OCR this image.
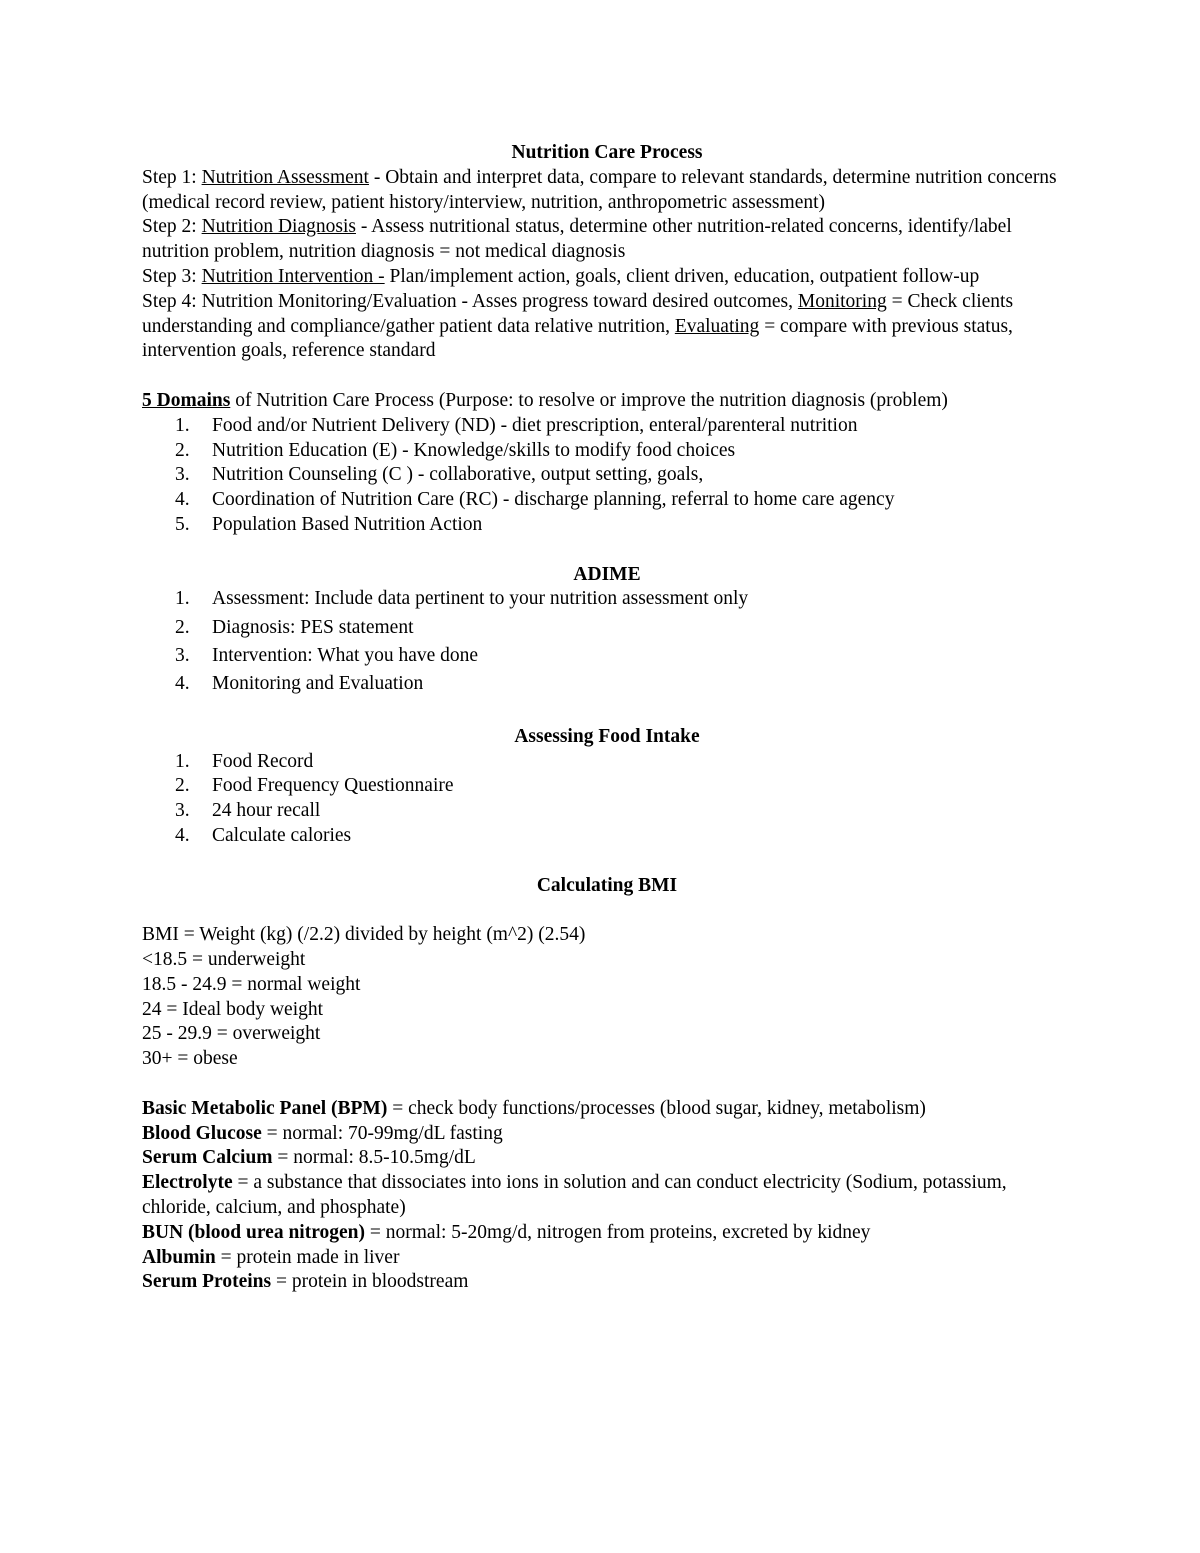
Nutrition Care Process

Step 1: Nutrition Assessment - Obtain and interpret data, compare to relevant standards, determine nutrition concerns (medical record review, patient history/interview, nutrition, anthropometric assessment)

Step 2: Nutrition Diagnosis - Assess nutritional status, determine other nutrition-related concerns, identify/label nutrition problem, nutrition diagnosis = not medical diagnosis

Step 3: Nutrition Intervention - Plan/implement action, goals, client driven, education, outpatient follow-up

Step 4: Nutrition Monitoring/Evaluation - Asses progress toward desired outcomes, Monitoring = Check clients understanding and compliance/gather patient data relative nutrition, Evaluating = compare with previous status, intervention goals, reference standard

5 Domains of Nutrition Care Process (Purpose: to resolve or improve the nutrition diagnosis (problem)

1. Food and/or Nutrient Delivery (ND) - diet prescription, enteral/parenteral nutrition
2. Nutrition Education (E) - Knowledge/skills to modify food choices
3. Nutrition Counseling (C ) - collaborative, output setting, goals,
4. Coordination of Nutrition Care (RC) - discharge planning, referral to home care agency
5. Population Based Nutrition Action

ADIME

1. Assessment: Include data pertinent to your nutrition assessment only
2. Diagnosis: PES statement
3. Intervention: What you have done
4. Monitoring and Evaluation

Assessing Food Intake

1. Food Record
2. Food Frequency Questionnaire
3. 24 hour recall
4. Calculate calories

Calculating BMI

BMI = Weight (kg) (/2.2) divided by height (m^2) (2.54)

<18.5 = underweight

18.5 - 24.9 = normal weight

24 = Ideal body weight

25 - 29.9 = overweight

30+ = obese

Basic Metabolic Panel (BPM) = check body functions/processes (blood sugar, kidney, metabolism)

Blood Glucose = normal: 70-99mg/dL fasting

Serum Calcium = normal: 8.5-10.5mg/dL

Electrolyte = a substance that dissociates into ions in solution and can conduct electricity (Sodium, potassium, chloride, calcium, and phosphate)

BUN (blood urea nitrogen) = normal: 5-20mg/d, nitrogen from proteins, excreted by kidney

Albumin = protein made in liver

Serum Proteins = protein in bloodstream
